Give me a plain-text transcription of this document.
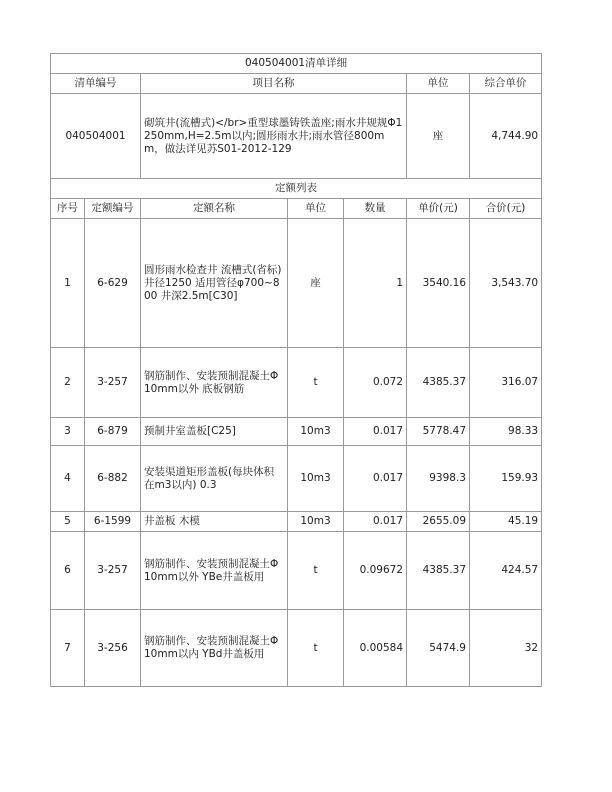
040504001清单详细						
清单编号		项目名称			单位	综合单价
040504001		砌筑井(流槽式)</br>重型球墨铸铁盖座;雨水井规规Φ1250mm,H=2.5m以内;圆形雨水井;雨水管径800mm，做法详见苏S01-2012-129			座	4,744.90
定额列表						
序号	定额编号	定额名称	单位	数量	单价(元)	合价(元)
1	6-629	圆形雨水检查井 流槽式(省标)井径1250 适用管径φ700~800 井深2.5m[C30]	座	1	3540.16	3,543.70
2	3-257	钢筋制作、安装预制混凝土Φ10mm以外 底板钢筋	t	0.072	4385.37	316.07
3	6-879	预制井室盖板[C25]	10m3	0.017	5778.47	98.33
4	6-882	安装渠道矩形盖板(每块体积在m3以内) 0.3	10m3	0.017	9398.3	159.93
5	6-1599	井盖板 木模	10m3	0.017	2655.09	45.19
6	3-257	钢筋制作、安装预制混凝土Φ10mm以外 YBe井盖板用	t	0.09672	4385.37	424.57
7	3-256	钢筋制作、安装预制混凝土Φ10mm以内 YBd井盖板用	t	0.00584	5474.9	32
